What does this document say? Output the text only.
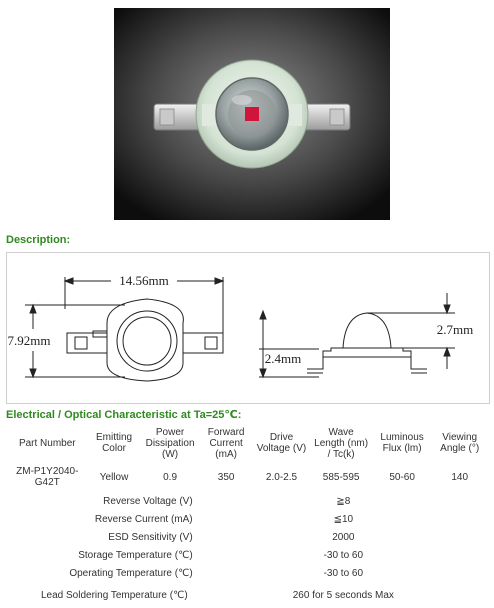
Description:
14.56mm
7.92mm
2.7mm
2.4mm
Electrical / Optical Characteristic at Ta=25℃:
Part Number	Emitting Color	Power Dissipation (W)	Forward Current (mA)	Drive Voltage (V)	Wave Length (nm) / Tc(k)	Luminous Flux (lm)	Viewing Angle (°)
ZM-P1Y2040-G42T	Yellow	0.9	350	2.0-2.5	585-595	50-60	140
Reverse Voltage (V)			≧8				
Reverse Current (mA)			≦10				
ESD Sensitivity (V)			2000				
Storage Temperature (℃)			-30 to 60				
Operating Temperature (℃)			-30 to 60				
Lead Soldering Temperature (℃)			260 for 5 seconds Max				
